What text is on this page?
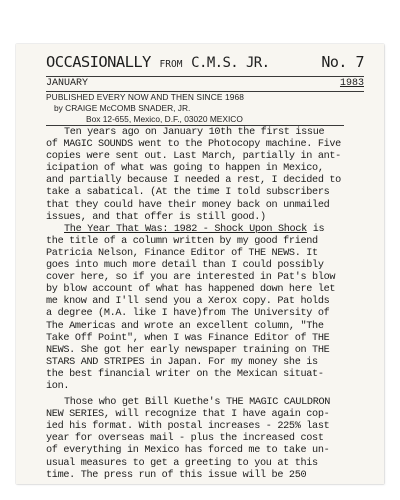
OCCASIONALLY FROM C.M.S. JR.	No. 7
JANUARY	1983
PUBLISHED EVERY NOW AND THEN SINCE 1968
by CRAIGE McCOMB SNADER, JR.
Box 12-655, Mexico, D.F., 03020 MEXICO
Ten years ago on January 10th the first issue
of MAGIC SOUNDS went to the Photocopy machine. Five
copies were sent out. Last March, partially in ant-
icipation of what was going to happen in Mexico,
and partially because I needed a rest, I decided to
take a sabatical. (At the time I told subscribers
that they could have their money back on unmailed
issues, and that offer is still good.)
The Year That Was: 1982 - Shock Upon Shock is
the title of a column written by my good friend
Patricia Nelson, Finance Editor of THE NEWS. It
goes into much more detail than I could possibly
cover here, so if you are interested in Pat's blow
by blow account of what has happened down here let
me know and I'll send you a Xerox copy. Pat holds
a degree (M.A. like I have)from The University of
The Americas and wrote an excellent column, "The
Take Off Point", when I was Finance Editor of THE
NEWS. She got her early newspaper training on THE
STARS AND STRIPES in Japan. For my money she is
the best financial writer on the Mexican situat-
ion.
Those who get Bill Kuethe's THE MAGIC CAULDRON
NEW SERIES, will recognize that I have again cop-
ied his format. With postal increases - 225% last
year for overseas mail - plus the increased cost
of everything in Mexico has forced me to take un-
usual measures to get a greeting to you at this
time. The press run of this issue will be 250
